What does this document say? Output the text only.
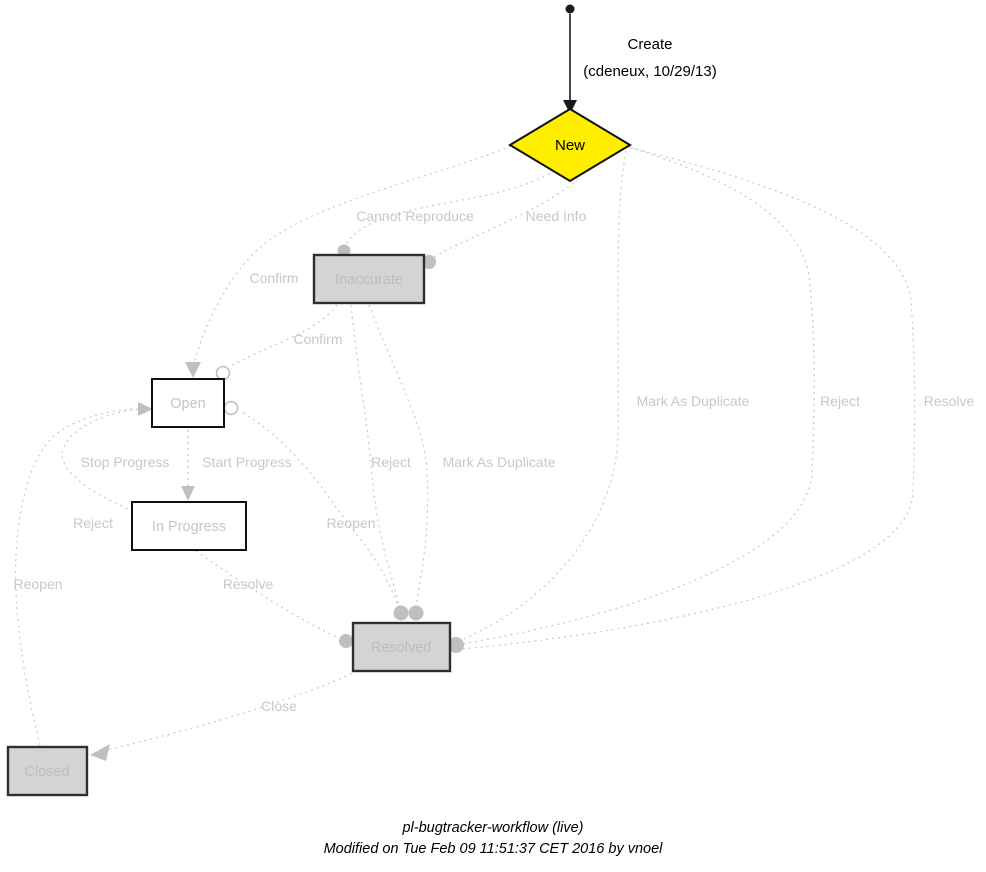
Create
(cdeneux, 10/29/13)
Cannot Reproduce	Need Info
Confirm
Confirm
Mark As Duplicate	Reject	Resolve
Stop Progress Start Progress	Reject Mark As Duplicate
Reject	Reopen
Reopen	Resolve
Close
New
Inaccurate
Open
In Progress
Resolved
Closed
pl-bugtracker-workflow (live)
Modified on Tue Feb 09 11:51:37 CET 2016 by vnoel
